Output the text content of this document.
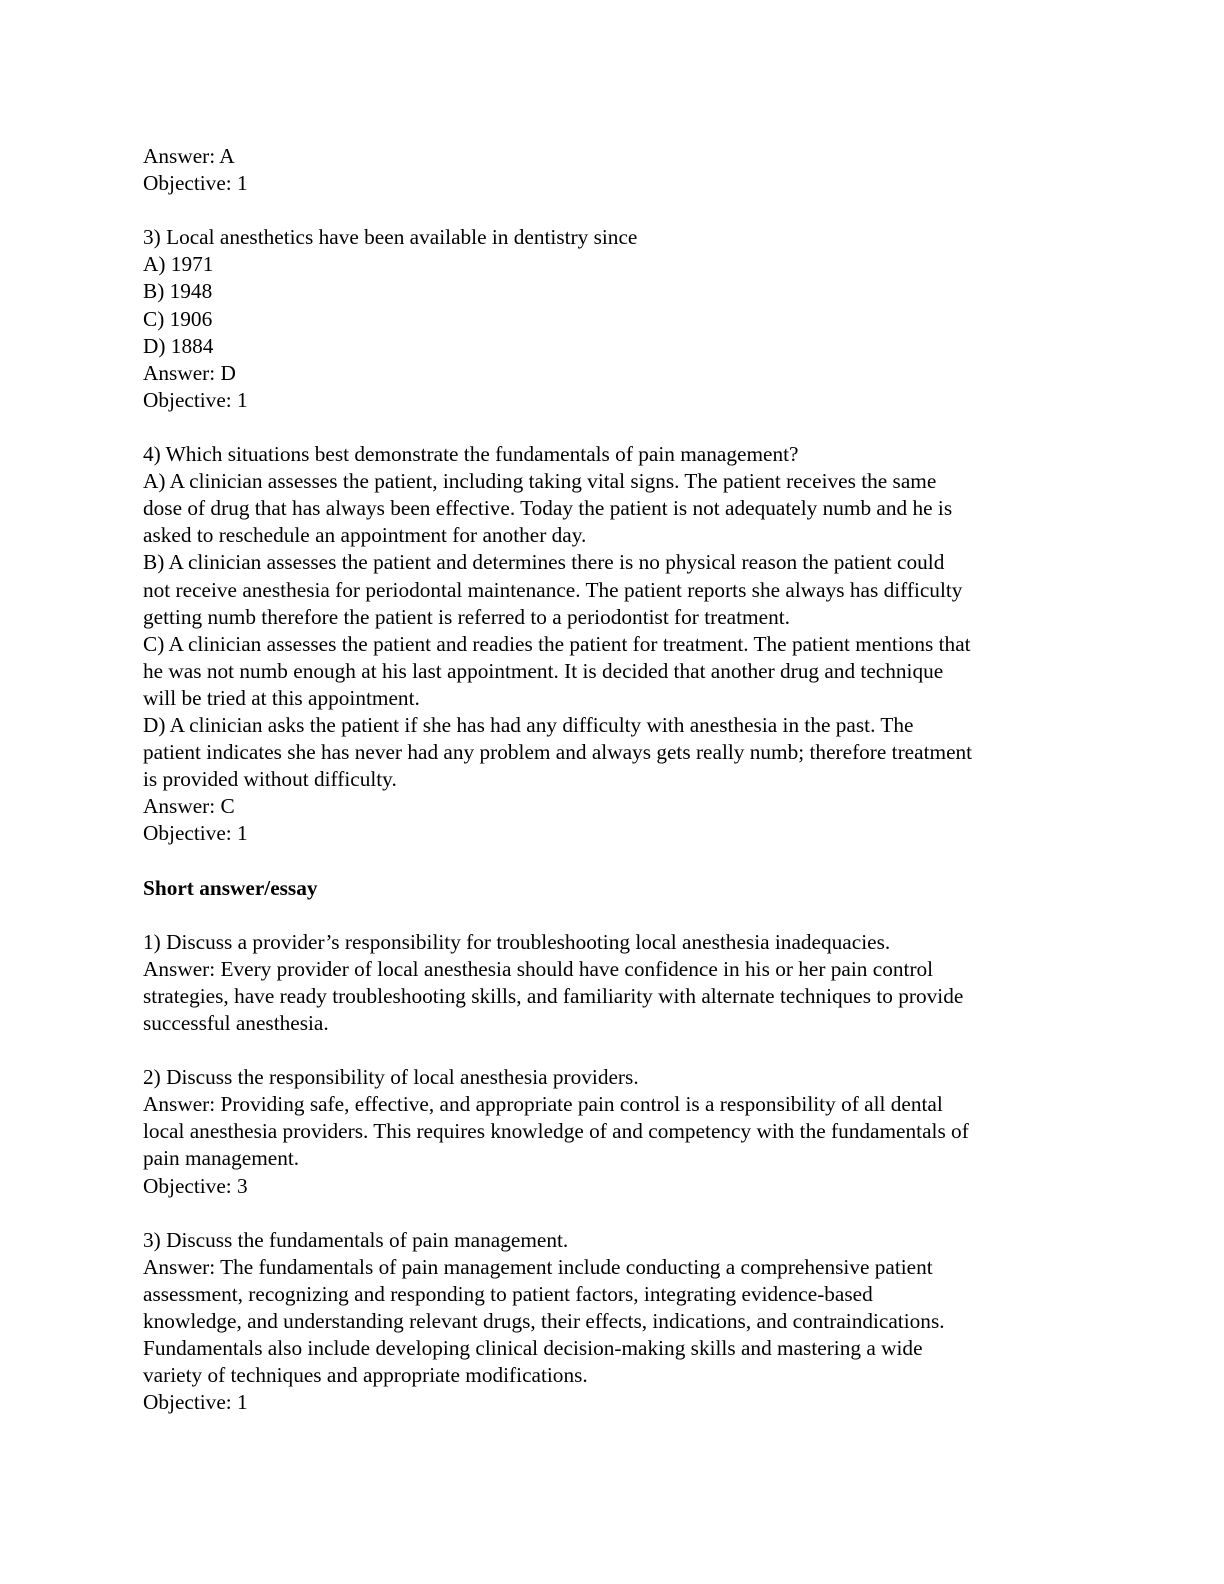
Answer: A
Objective: 1
3) Local anesthetics have been available in dentistry since
A) 1971
B) 1948
C) 1906
D) 1884
Answer: D
Objective: 1
4) Which situations best demonstrate the fundamentals of pain management?
A) A clinician assesses the patient, including taking vital signs. The patient receives the same
dose of drug that has always been effective. Today the patient is not adequately numb and he is
asked to reschedule an appointment for another day.
B) A clinician assesses the patient and determines there is no physical reason the patient could
not receive anesthesia for periodontal maintenance. The patient reports she always has difficulty
getting numb therefore the patient is referred to a periodontist for treatment.
C) A clinician assesses the patient and readies the patient for treatment. The patient mentions that
he was not numb enough at his last appointment. It is decided that another drug and technique
will be tried at this appointment.
D) A clinician asks the patient if she has had any difficulty with anesthesia in the past. The
patient indicates she has never had any problem and always gets really numb; therefore treatment
is provided without difficulty.
Answer: C
Objective: 1
Short answer/essay
1) Discuss a provider’s responsibility for troubleshooting local anesthesia inadequacies.
Answer: Every provider of local anesthesia should have confidence in his or her pain control
strategies, have ready troubleshooting skills, and familiarity with alternate techniques to provide
successful anesthesia.
2) Discuss the responsibility of local anesthesia providers.
Answer: Providing safe, effective, and appropriate pain control is a responsibility of all dental
local anesthesia providers. This requires knowledge of and competency with the fundamentals of
pain management.
Objective: 3
3) Discuss the fundamentals of pain management.
Answer: The fundamentals of pain management include conducting a comprehensive patient
assessment, recognizing and responding to patient factors, integrating evidence-based
knowledge, and understanding relevant drugs, their effects, indications, and contraindications.
Fundamentals also include developing clinical decision-making skills and mastering a wide
variety of techniques and appropriate modifications.
Objective: 1
